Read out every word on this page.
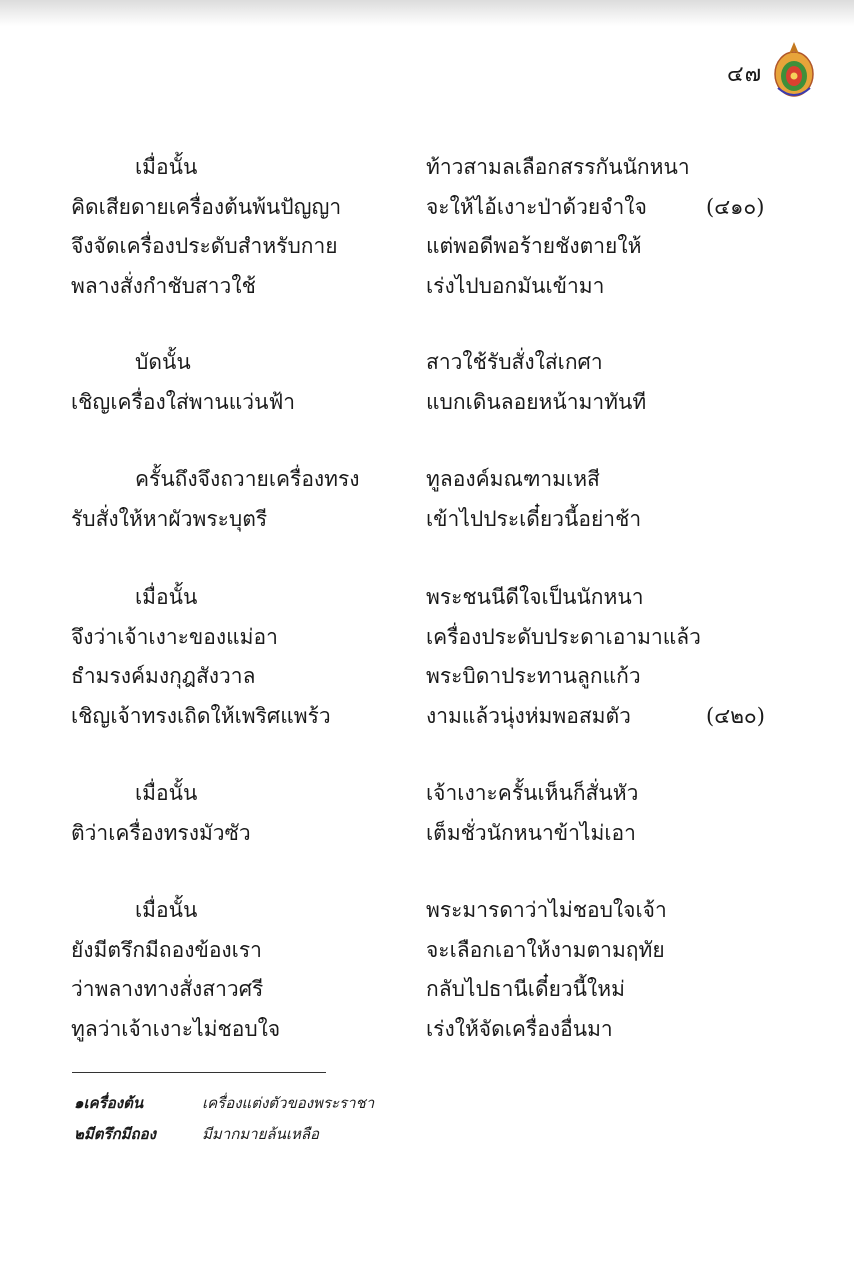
๔๗
เมื่อนั้น	ท้าวสามลเลือกสรรกันนักหนา
คิดเสียดายเครื่องต้นพ้นปัญญา	จะให้ไอ้เงาะป่าด้วยจำใจ	(๔๑๐)
จึงจัดเครื่องประดับสำหรับกาย	แต่พอดีพอร้ายชังตายให้
พลางสั่งกำชับสาวใช้	เร่งไปบอกมันเข้ามา
บัดนั้น	สาวใช้รับสั่งใส่เกศา
เชิญเครื่องใส่พานแว่นฟ้า	แบกเดินลอยหน้ามาทันที
ครั้นถึงจึงถวายเครื่องทรง	ทูลองค์มณฑามเหสี
รับสั่งให้หาผัวพระบุตรี	เข้าไปประเดี๋ยวนี้อย่าช้า
เมื่อนั้น	พระชนนีดีใจเป็นนักหนา
จึงว่าเจ้าเงาะของแม่อา	เครื่องประดับประดาเอามาแล้ว
ธำมรงค์มงกุฎสังวาล	พระบิดาประทานลูกแก้ว
เชิญเจ้าทรงเถิดให้เพริศแพร้ว	งามแล้วนุ่งห่มพอสมตัว	(๔๒๐)
เมื่อนั้น	เจ้าเงาะครั้นเห็นก็สั่นหัว
ติว่าเครื่องทรงมัวซัว	เต็มชั่วนักหนาข้าไม่เอา
เมื่อนั้น	พระมารดาว่าไม่ชอบใจเจ้า
ยังมีตรึกมีถองข้องเรา	จะเลือกเอาให้งามตามฤทัย
ว่าพลางทางสั่งสาวศรี	กลับไปธานีเดี๋ยวนี้ใหม่
ทูลว่าเจ้าเงาะไม่ชอบใจ	เร่งให้จัดเครื่องอื่นมา
๑เครื่องต้น	เครื่องแต่งตัวของพระราชา
๒มีตรึกมีถอง	มีมากมายล้นเหลือ
